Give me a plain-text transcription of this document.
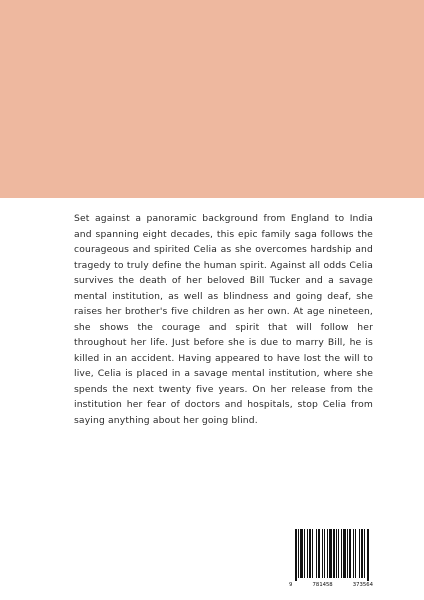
Set against a panoramic background from England to India and spanning eight decades, this epic family saga follows the courageous and spirited Celia as she overcomes hardship and tragedy to truly define the human spirit. Against all odds Celia survives the death of her beloved Bill Tucker and a savage mental institution, as well as blindness and going deaf, she raises her brother's five children as her own. At age nineteen, she shows the courage and spirit that will follow her throughout her life. Just before she is due to marry Bill, he is killed in an accident. Having appeared to have lost the will to live, Celia is placed in a savage mental institution, where she spends the next twenty five years. On her release from the institution her fear of doctors and hospitals, stop Celia from saying anything about her going blind.

9	781458	373564
